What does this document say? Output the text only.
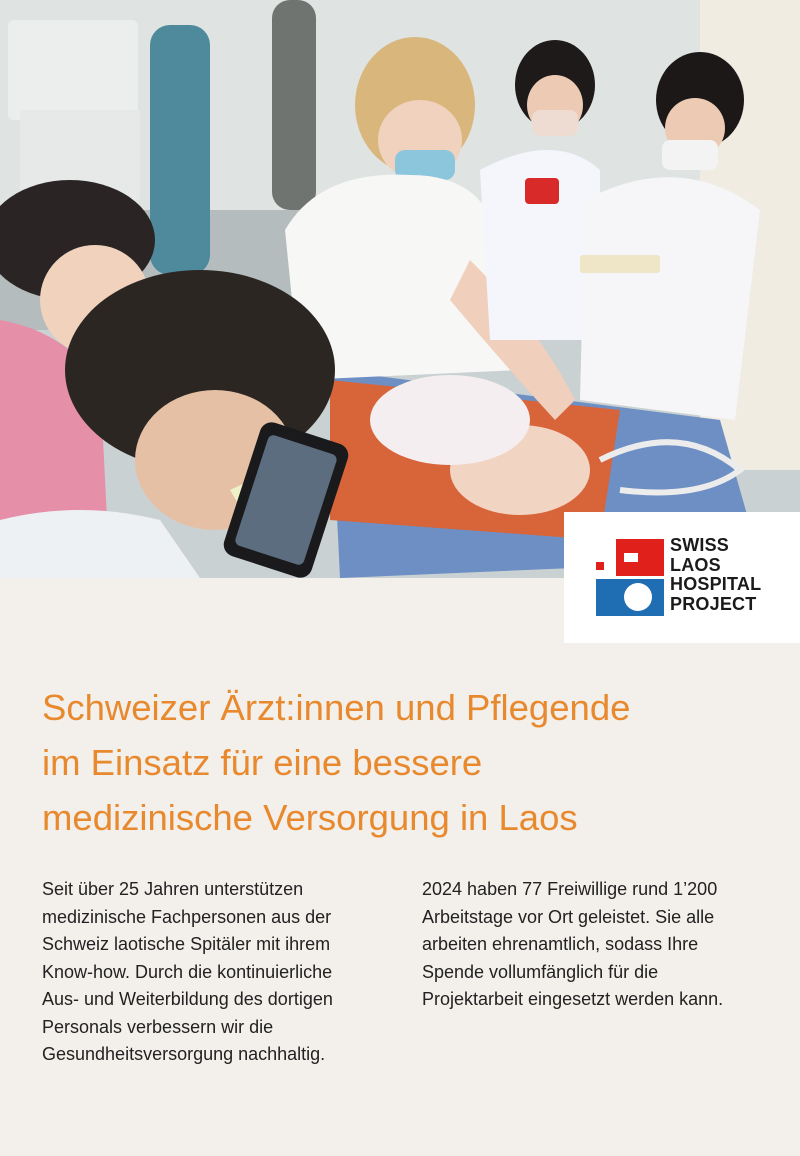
SWISS
LAOS
HOSPITAL
PROJECT
Schweizer Ärzt:innen und Pflegende
im Einsatz für eine bessere
medizinische Versorgung in Laos
Seit über 25 Jahren unterstützen
medizinische Fachpersonen aus der
Schweiz laotische Spitäler mit ihrem
Know-how. Durch die kontinuierliche
Aus- und Weiterbildung des dortigen
Personals verbessern wir die
Gesundheitsversorgung nachhaltig.
2024 haben 77 Freiwillige rund 1’200
Arbeitstage vor Ort geleistet. Sie alle
arbeiten ehrenamtlich, sodass Ihre
Spende vollumfänglich für die
Projektarbeit eingesetzt werden kann.
